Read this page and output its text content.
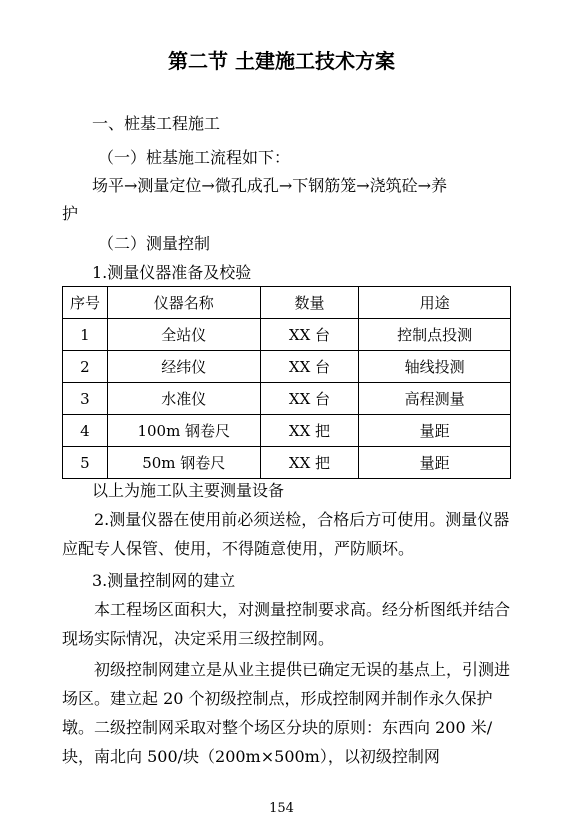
第二节 土建施工技术方案
一、桩基工程施工
（一）桩基施工流程如下：
场平→测量定位→微孔成孔→下钢筋笼→浇筑砼→养
护
（二）测量控制
1.测量仪器准备及校验
序号	仪器名称	数量	用途
1	全站仪	XX 台	控制点投测
2	经纬仪	XX 台	轴线投测
3	水准仪	XX 台	高程测量
4	100m 钢卷尺	XX 把	量距
5	50m 钢卷尺	XX 把	量距
以上为施工队主要测量设备

2.测量仪器在使用前必须送检，合格后方可使用。测量仪器应配专人保管、使用，不得随意使用，严防顺坏。

3.测量控制网的建立

本工程场区面积大，对测量控制要求高。经分析图纸并结合现场实际情况，决定采用三级控制网。

初级控制网建立是从业主提供已确定无误的基点上，引测进场区。建立起 20 个初级控制点，形成控制网并制作永久保护墩。二级控制网采取对整个场区分块的原则：东西向 200 米/块，南北向 500/块（200m×500m），以初级控制网

154
